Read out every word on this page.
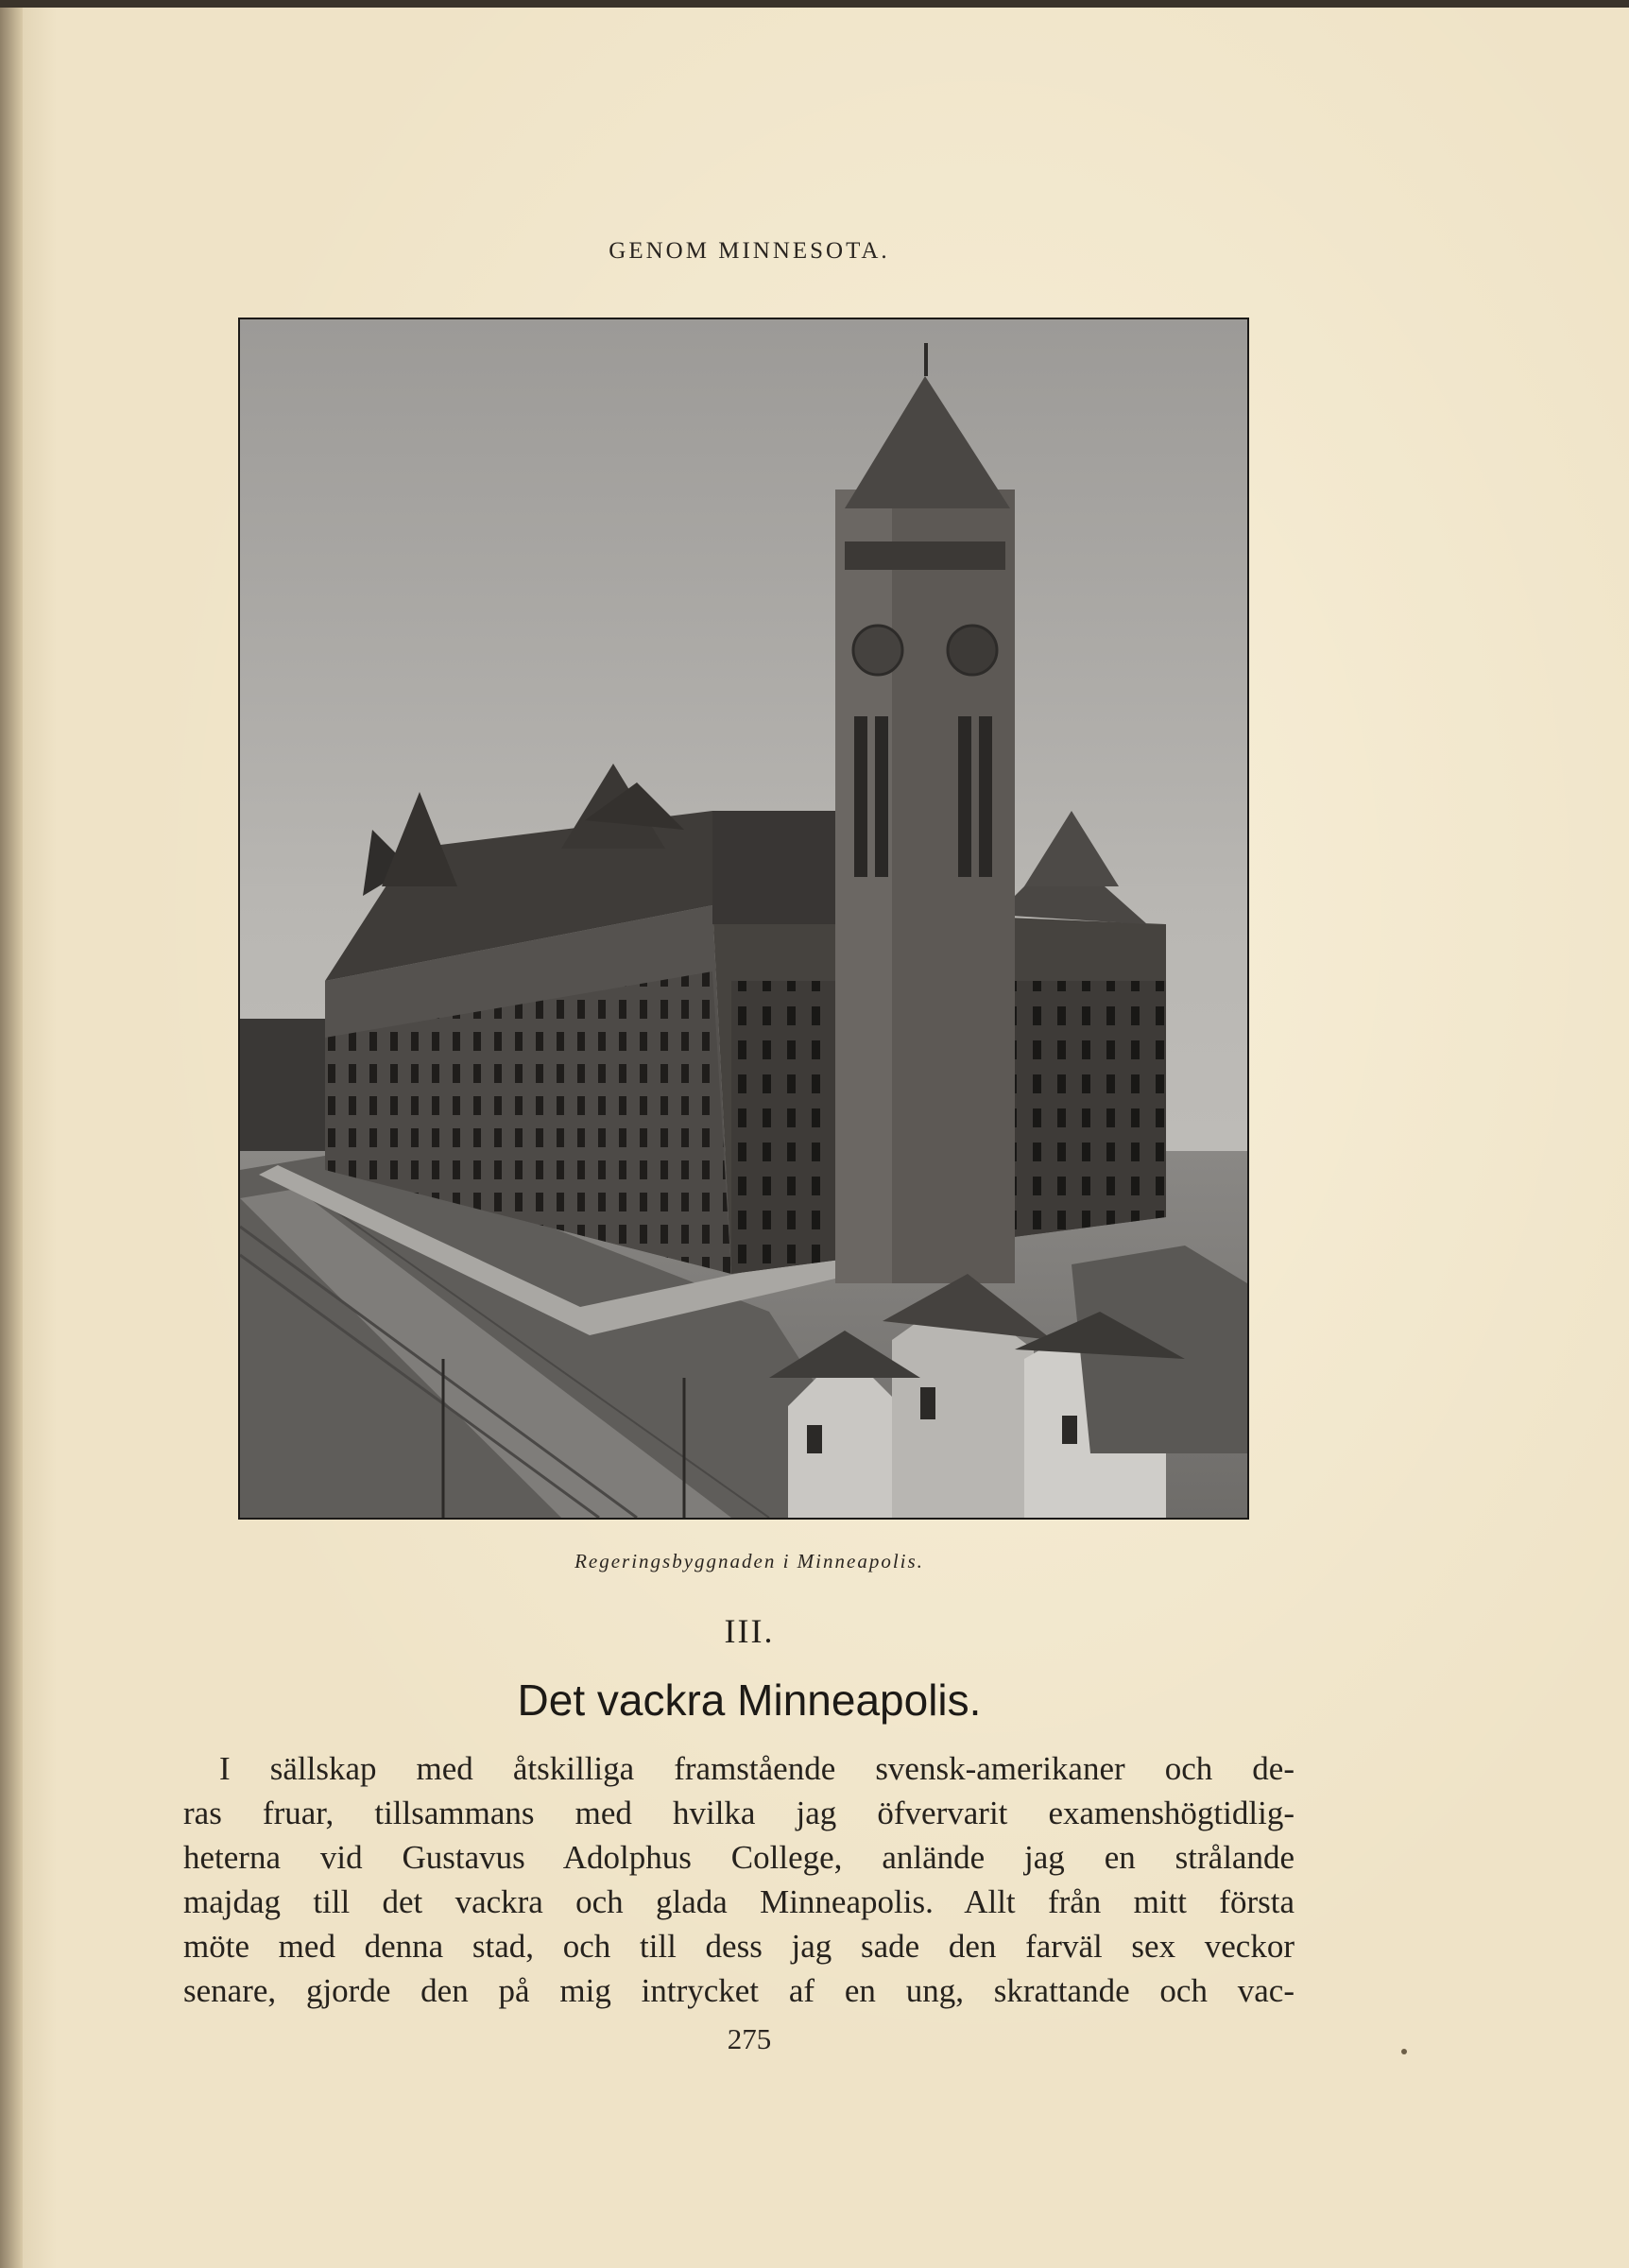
GENOM MINNESOTA.
Regeringsbyggnaden i Minneapolis.
III.
Det vackra Minneapolis.
I sällskap med åtskilliga framstående svensk-amerikaner och de-
ras fruar, tillsammans med hvilka jag öfvervarit examenshögtidlig-
heterna vid Gustavus Adolphus College, anlände jag en strålande
majdag till det vackra och glada Minneapolis. Allt från mitt första
möte med denna stad, och till dess jag sade den farväl sex veckor
senare, gjorde den på mig intrycket af en ung, skrattande och vac-
275
